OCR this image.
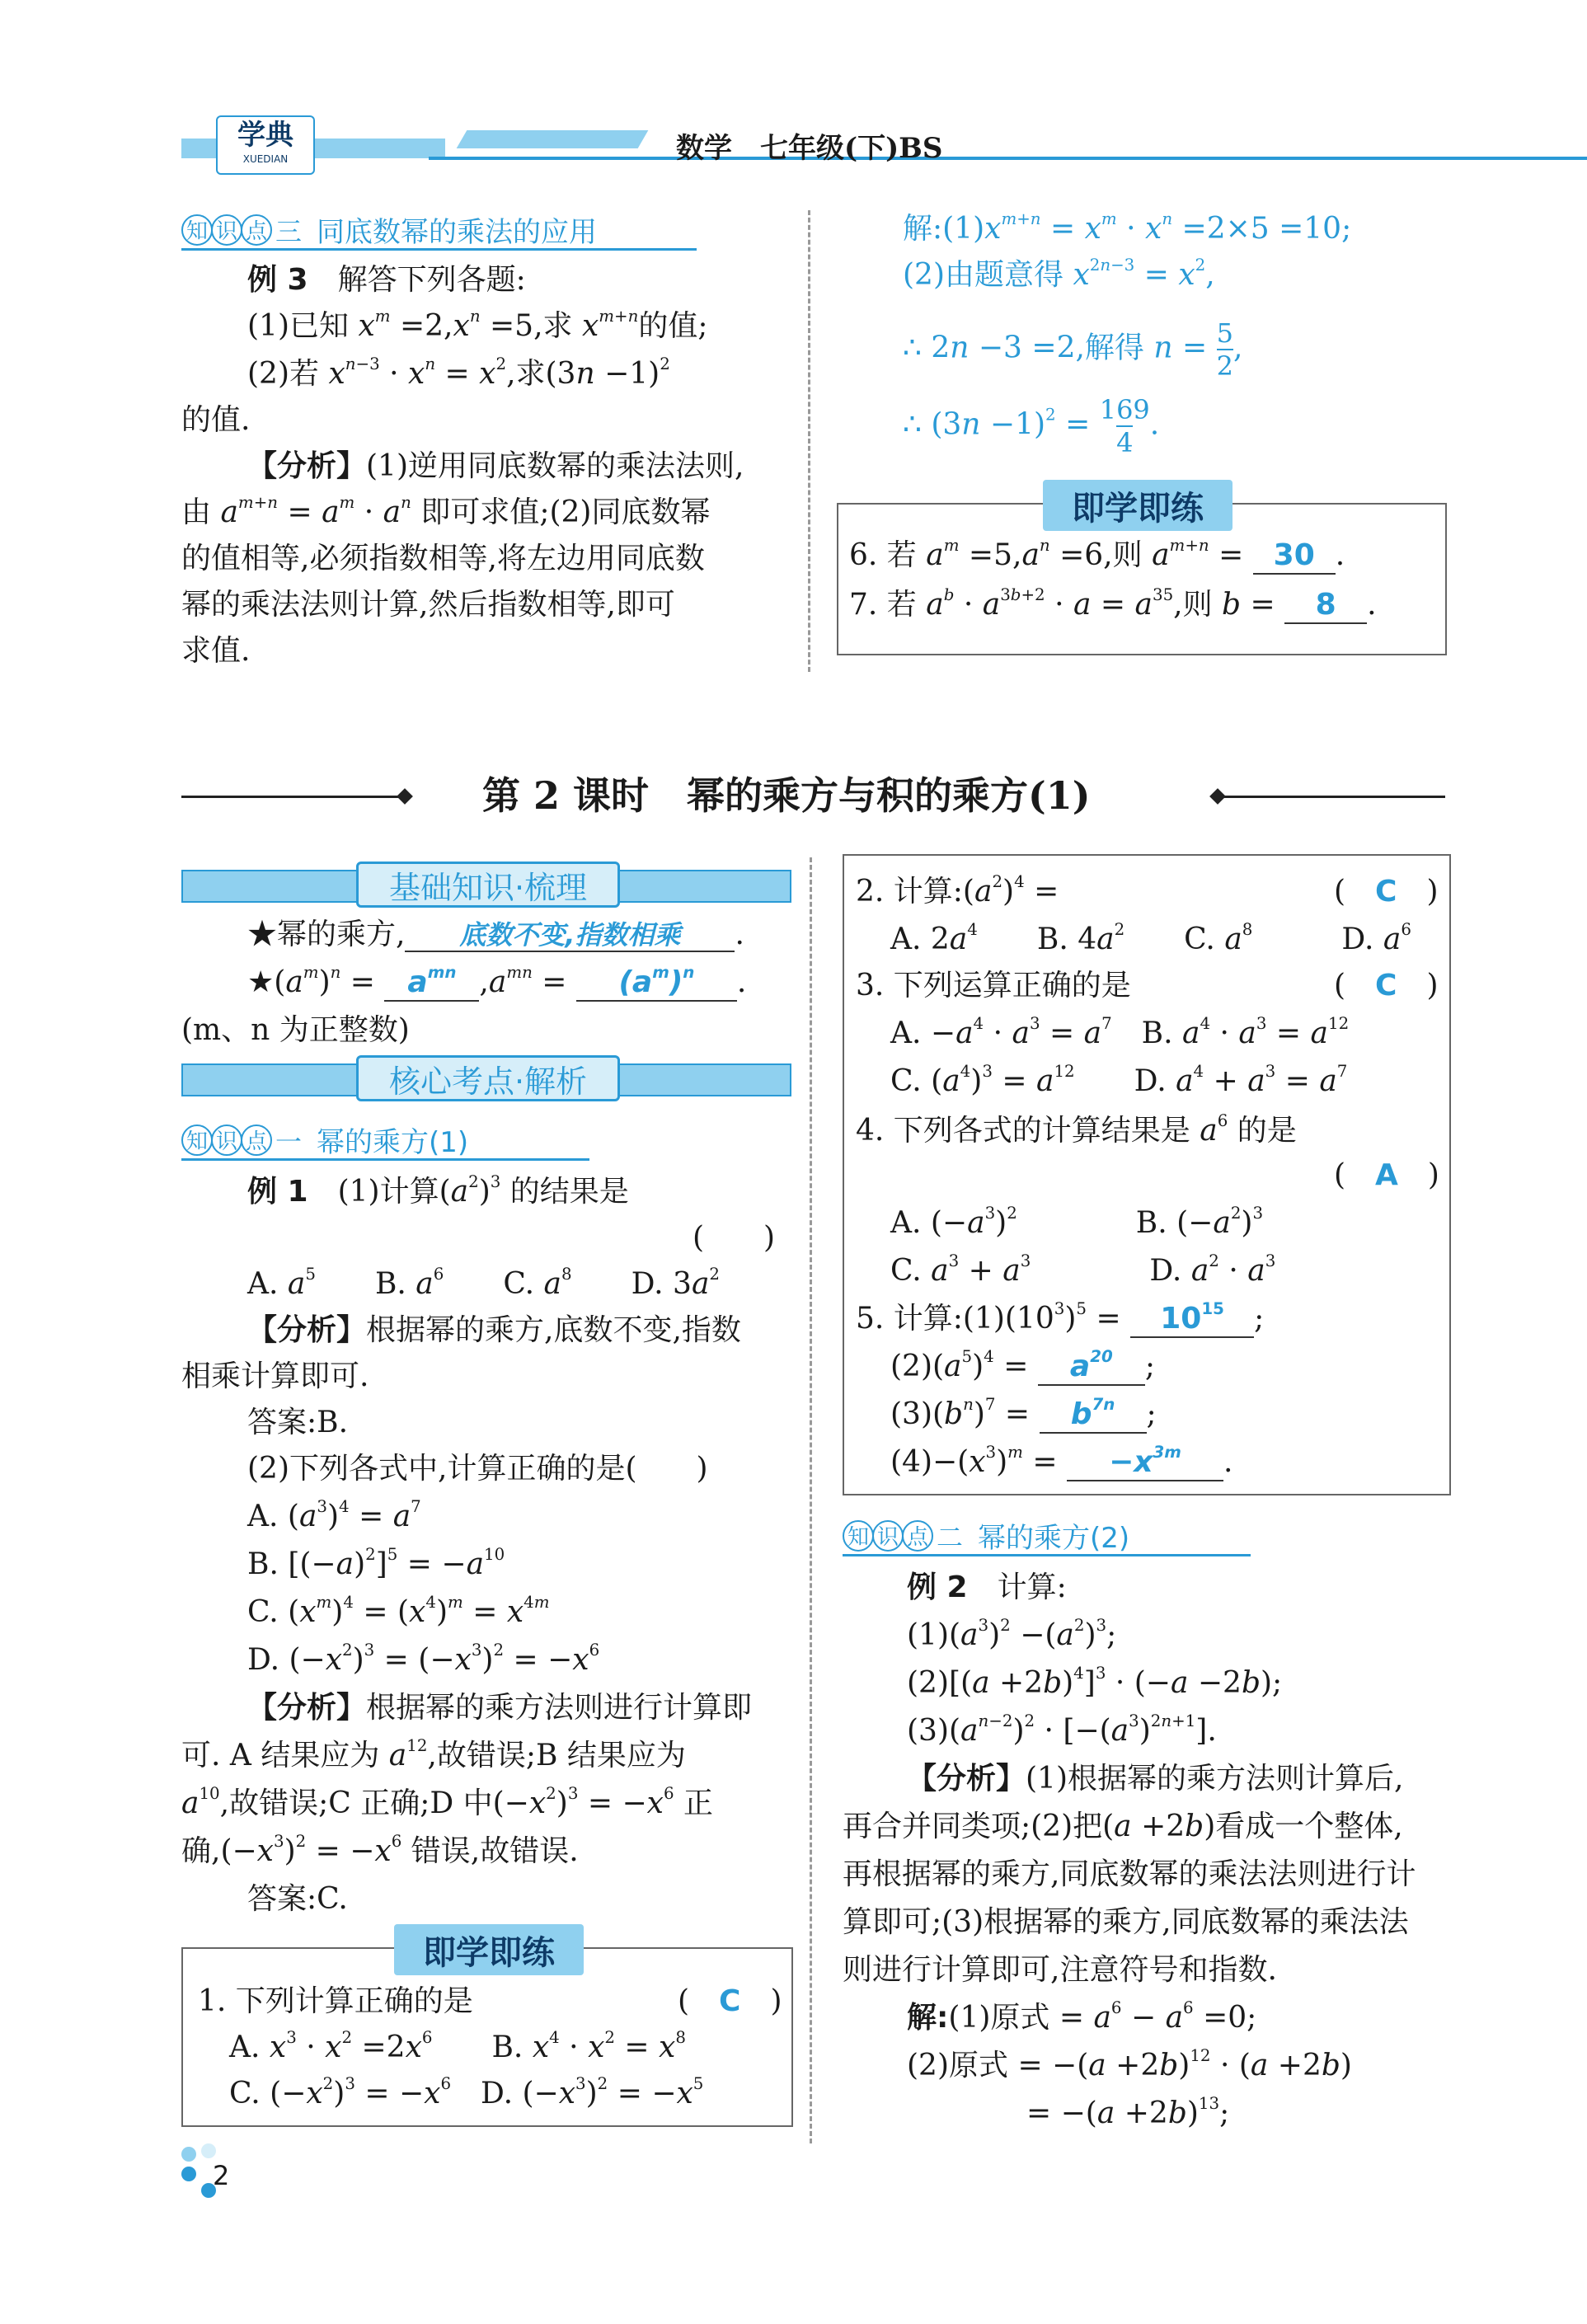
学典
XUEDIAN	数学　七年级(下)BS
知 识 点 三 同底数幂的乘法的应用
例 3　 解答下列各题:
(1)已知 $x^m =2,x^n =5$,求 $x^{m+n}$的值;
(2)若 $x^{n-3} \cdot x^n = x^2$,求$(3n -1)^2$
的值.
【分析】(1)逆用同底数幂的乘法法则,
由 $a^{m+n} = a^m \cdot a^n$ 即可求值;(2)同底数幂
的值相等,必须指数相等,将左边用同底数
幂的乘法法则计算,然后指数相等,即可
求值.
解$:(1)x^{m+n} = x^m \cdot x^n =2\times 5 =10$;
(2)由题意得 $x^{2n-3} = x^2$,
∴ 2n −3 =2,解得 $n = \frac{5}{2}$ ,
∴ $(3n -1)^2 = \frac{169}{4}$ .
即学即练
6. 若 $a^m =5,a^n =6$,则 $a^{m+n} = 30$ .
7. 若 $a^b \cdot a^{3b+2} \cdot a = a^{35}$,则 b = 8 .
第 2 课时　幂的乘方与积的乘方(1)
基础知识·梳理
★幂的乘方, 底数不变,指数相乘 .
$★(a^m)^n = a^{mn}$ $,a^{mn} = (a^m)^n$ .
(m、n 为正整数)
核心考点·解析
知 识 点 一 幂的乘方(1)
例 1　(1)计算$(a^2)^3$ 的结果是
(　　)
A. $a^5$　　B. $a^6$　　C. $a^8$　　D. $3a^2$
【分析】根据幂的乘方,底数不变,指数
相乘计算即可.
答案:B.
(2)下列各式中,计算正确的是(　　)
A. $(a^3)^4 = a^7$
B. $[(-a)^2]^5 = -a^{10}$
C. $(x^m)^4 = (x^4)^m = x^{4m}$
D. $(-x^2)^3 = (-x^3)^2 = -x^6$
【分析】根据幂的乘方法则进行计算即
可. A 结果应为 $a^{12}$,故错误;B 结果应为
$a^{10}$,故错误;C 正确;D 中$(-x^2)^3 = -x^6$ 正
确$,(-x^3)^2 = -x^6$ 错误,故错误.
答案:C.
即学即练
1. 下列计算正确的是	(　C　)
A. $x^3 \cdot x^2 =2x^6$　　B. $x^4 \cdot x^2 = x^8$
C. $(-x^2)^3 = -x^6$　D. $(-x^3)^2 = -x^5$
2. 计算$:(a^2)^4$ =	(　C　)
A. $2a^4$　　B. $4a^2$　　C. $a^8$　　　D. $a^6$
3. 下列运算正确的是	(　C　)
A. $-a^4 \cdot a^3 = a^7$　B. $a^4 \cdot a^3 = a^{12}$
C. $(a^4)^3 = a^{12}$　　D. $a^4 + a^3 = a^7$
4. 下列各式的计算结果是 $a^6$ 的是
(　A　)
A. $(-a^3)^2$　　　　B. $(-a^2)^3$
C. $a^3 + a^3$　　　　D. $a^2 \cdot a^3$
5. 计算$:(1)(10^3)^5 = 10^{15}$ ;
$(2)(a^5)^4 = a^{20}$ ;
$(3)(b^n)^7 = b^{7n}$ ;
$(4)-(x^3)^m = -x^{3m}$ .
知 识 点 二 幂的乘方(2)
例 2　 计算:
$(1)(a^3)^2 -(a^2)^3$;
$(2)[(a +2b)^4]^3 \cdot (-a -2b)$;
$(3)(a^{n-2})^2 \cdot [-(a^3)^{2n+1}]$.
【分析】(1)根据幂的乘方法则计算后,
再合并同类项;(2)把(a +2b)看成一个整体,
再根据幂的乘方,同底数幂的乘法法则进行计
算即可;(3)根据幂的乘方,同底数幂的乘法法
则进行计算即可,注意符号和指数.
解:(1)原式 = $a^6 - a^6 =0$;
(2)原式 = $-(a +2b)^{12} \cdot (a +2b)$
= $-(a +2b)^{13}$;
2
